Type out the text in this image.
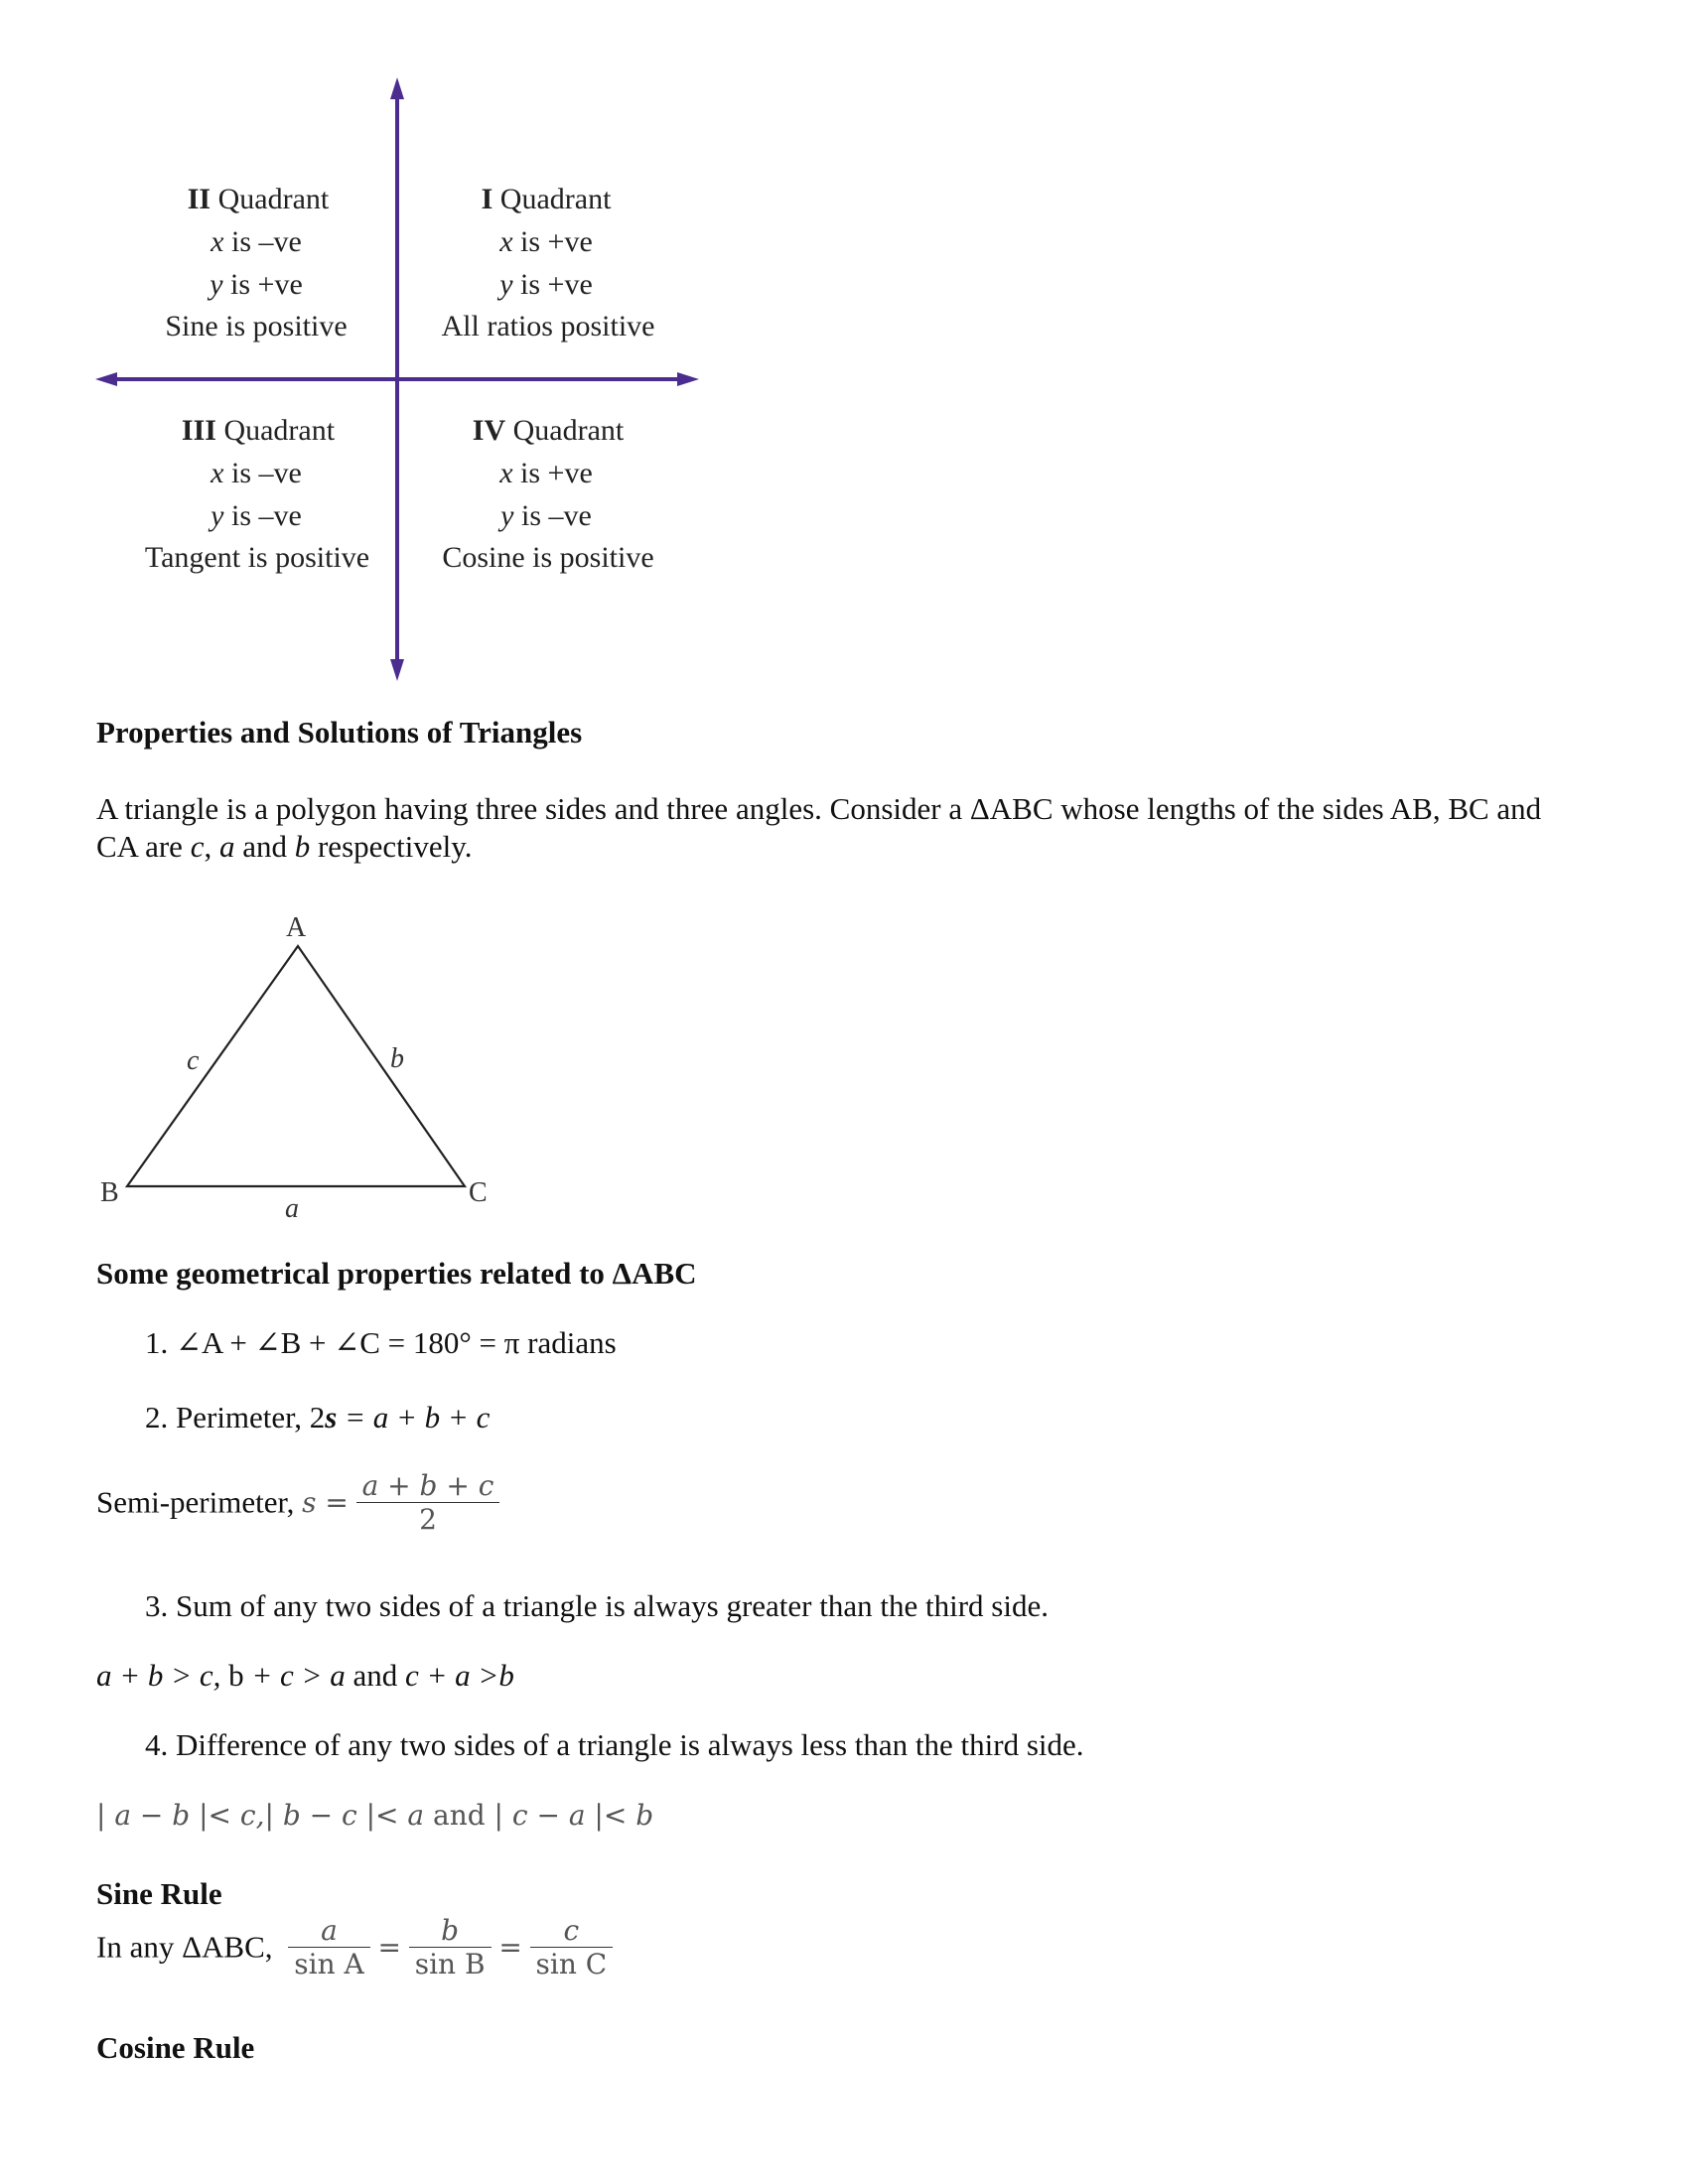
II Quadrant
x is –ve
y is +ve
Sine is positive
I Quadrant
x is +ve
y is +ve
All ratios positive
III Quadrant
x is –ve
y is –ve
Tangent is positive
IV Quadrant
x is +ve
y is –ve
Cosine is positive
A
B	C
c	b
a
Properties and Solutions of Triangles
A triangle is a polygon having three sides and three angles. Consider a ΔABC whose lengths of the sides AB, BC and CA are c, a and b respectively.
Some geometrical properties related to ΔABC
1. ∠A + ∠B + ∠C = 180° = π radians
2. Perimeter, 2s = a + b + c
Semi-perimeter, $s = \frac{a + b + c}{2}$
3. Sum of any two sides of a triangle is always greater than the third side.
a + b > c, b + c > a and c + a >b
4. Difference of any two sides of a triangle is always less than the third side.
| a − b |< c,| b − c |< a and | c − a |< b
Sine Rule
In any ΔABC, $\frac{a}{\text{sin A}} = \frac{b}{\text{sin B}} = \frac{c}{\text{sin C}}$
Cosine Rule
